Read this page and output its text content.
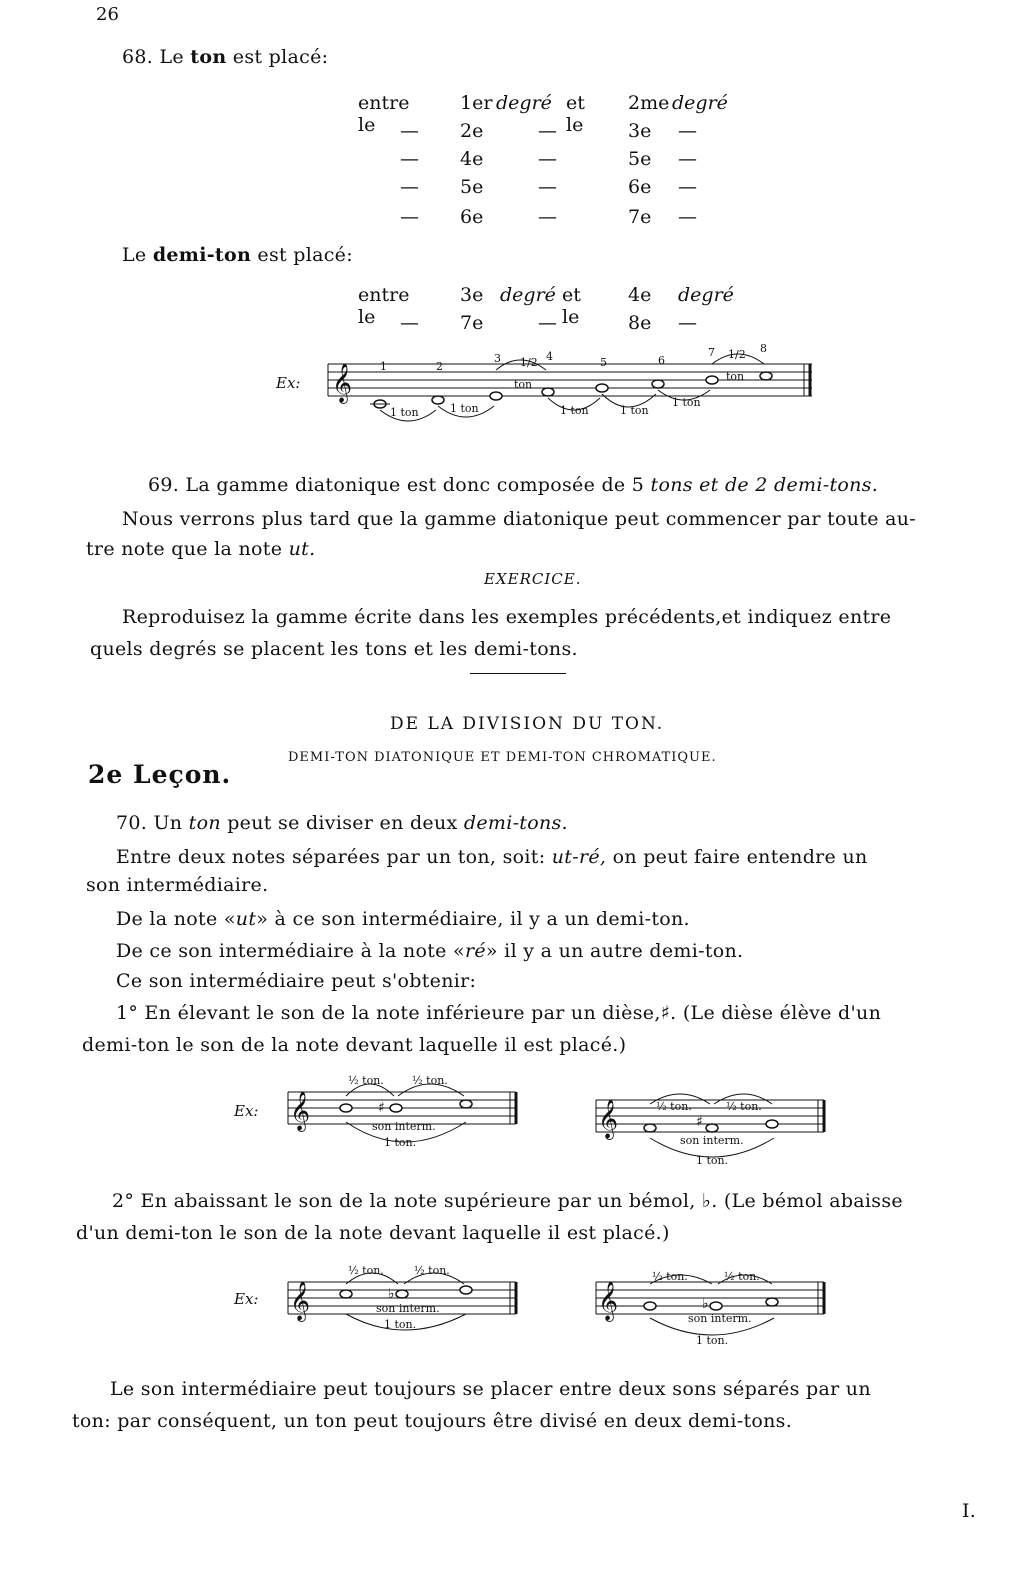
26
68. Le ton est placé:
entre le
1er degré et le
2me degré
— 2e	—	3e —
— 4e	—	5e —
— 5e	—	6e —
— 6e	—	7e —
Le demi-ton est placé:
entre le
3e degré et le
4e degré
— 7e	—	8e —
Ex: 𝄞	1	2
3	4	5	6
7	8
1/2
ton
1/2
ton
1 ton	1 ton	1 ton	1 ton
1 ton
69. La gamme diatonique est donc composée de 5 tons et de 2 demi-tons.
Nous verrons plus tard que la gamme diatonique peut commencer par toute au-
tre note que la note ut.
EXERCICE.
Reproduisez la gamme écrite dans les exemples précédents,et indiquez entre
quels degrés se placent les tons et les demi-tons.
DE LA DIVISION DU TON.
DEMI-TON DIATONIQUE ET DEMI-TON CHROMATIQUE.
2e Leçon.
70. Un ton peut se diviser en deux demi-tons.
Entre deux notes séparées par un ton, soit: ut-ré, on peut faire entendre un
son intermédiaire.
De la note «ut» à ce son intermédiaire, il y a un demi-ton.
De ce son intermédiaire à la note «ré» il y a un autre demi-ton.
Ce son intermédiaire peut s'obtenir:
1° En élevant le son de la note inférieure par un dièse,♯. (Le dièse élève d'un
demi-ton le son de la note devant laquelle il est placé.)
Ex: 𝄞	♯
½ ton.	½ ton.
son interm.
1 ton.
𝄞	♯
½ ton.	½ ton.
son interm.
1 ton.
2° En abaissant le son de la note supérieure par un bémol, ♭. (Le bémol abaisse
d'un demi-ton le son de la note devant laquelle il est placé.)
Ex: 𝄞	♭
½ ton.	½ ton.
son interm.
1 ton.
𝄞	♭
½ ton.	½ ton.
son interm.
1 ton.
Le son intermédiaire peut toujours se placer entre deux sons séparés par un
ton: par conséquent, un ton peut toujours être divisé en deux demi-tons.
I.
